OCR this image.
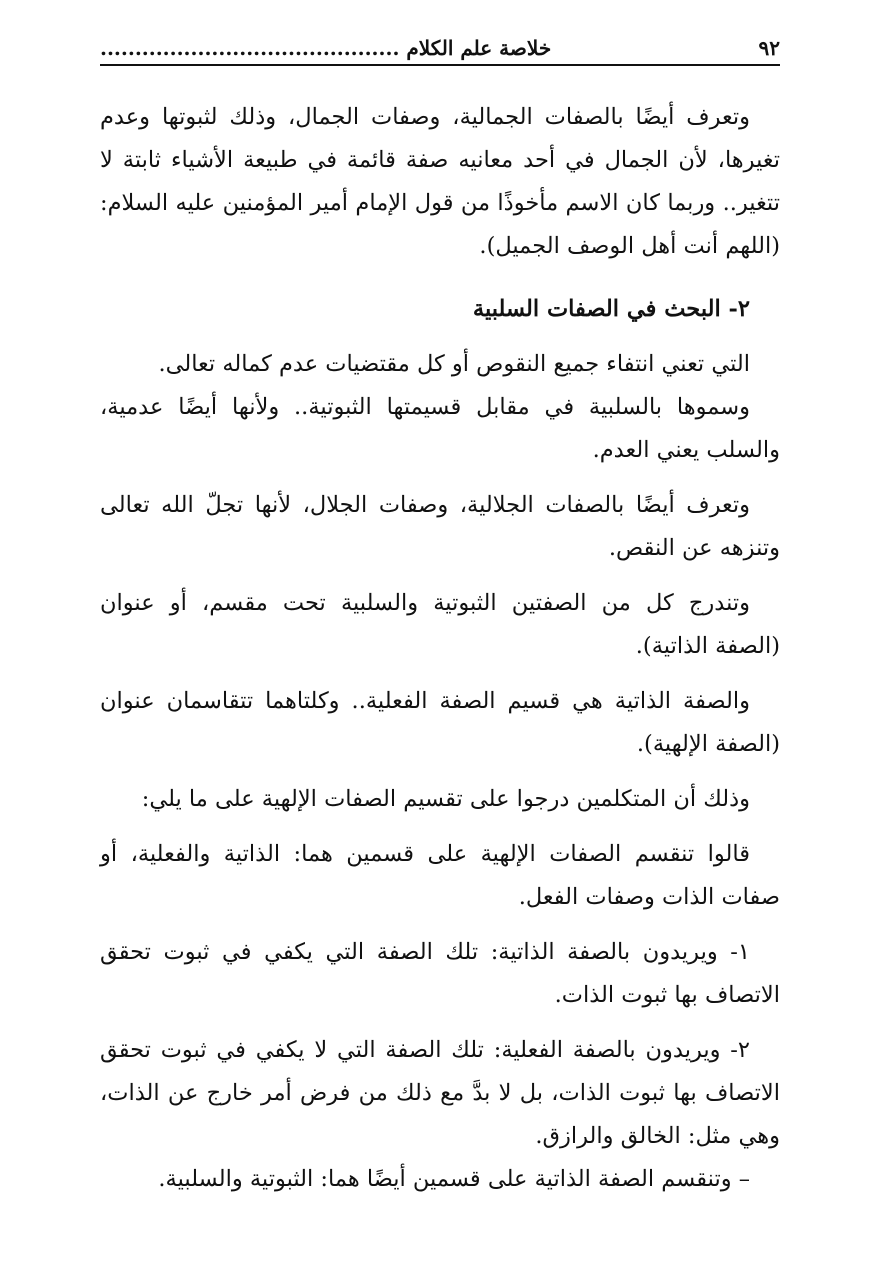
٩٢
خلاصة علم الكلام ...........................................

وتعرف أيضًا بالصفات الجمالية، وصفات الجمال، وذلك لثبوتها وعدم تغيرها، لأن الجمال في أحد معانيه صفة قائمة في طبيعة الأشياء ثابتة لا تتغير.. وربما كان الاسم مأخوذًا من قول الإمام أمير المؤمنين عليه السلام: (اللهم أنت أهل الوصف الجميل).

٢- البحث في الصفات السلبية

التي تعني انتفاء جميع النقوص أو كل مقتضيات عدم كماله تعالى.

وسموها بالسلبية في مقابل قسيمتها الثبوتية.. ولأنها أيضًا عدمية، والسلب يعني العدم.

وتعرف أيضًا بالصفات الجلالية، وصفات الجلال، لأنها تجلّ الله تعالى وتنزهه عن النقص.

وتندرج كل من الصفتين الثبوتية والسلبية تحت مقسم، أو عنوان (الصفة الذاتية).

والصفة الذاتية هي قسيم الصفة الفعلية.. وكلتاهما تتقاسمان عنوان (الصفة الإلهية).

وذلك أن المتكلمين درجوا على تقسيم الصفات الإلهية على ما يلي:

قالوا تنقسم الصفات الإلهية على قسمين هما: الذاتية والفعلية، أو صفات الذات وصفات الفعل.

١- ويريدون بالصفة الذاتية: تلك الصفة التي يكفي في ثبوت تحقق الاتصاف بها ثبوت الذات.

٢- ويريدون بالصفة الفعلية: تلك الصفة التي لا يكفي في ثبوت تحقق الاتصاف بها ثبوت الذات، بل لا بدَّ مع ذلك من فرض أمر خارج عن الذات، وهي مثل: الخالق والرازق.

– وتنقسم الصفة الذاتية على قسمين أيضًا هما: الثبوتية والسلبية.
